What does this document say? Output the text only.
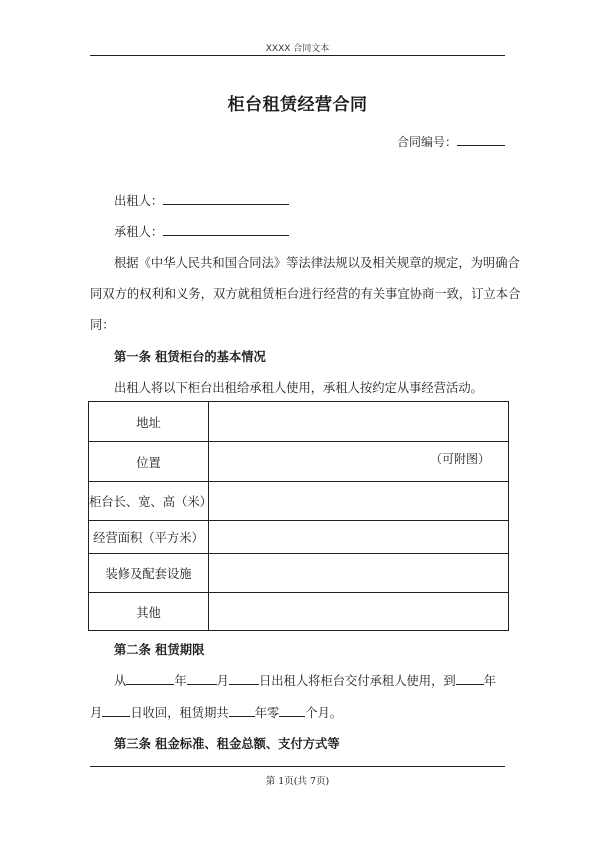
XXXX 合同文本
柜台租赁经营合同
合同编号：
出租人：
承租人：
根据《中华人民共和国合同法》等法律法规以及相关规章的规定，为明确合
同双方的权利和义务，双方就租赁柜台进行经营的有关事宜协商一致，订立本合
同：
第一条 租赁柜台的基本情况
出租人将以下柜台出租给承租人使用，承租人按约定从事经营活动。
地址	
位置	（可附图）

柜台长、宽、高（米）	
经营面积（平方米）	
装修及配套设施	
其他	
第二条 租赁期限
从	年 月 日出租人将柜台交付承租人使用，到 年
月 日收回，租赁期共 年零 个月。
第三条 租金标准、租金总额、支付方式等
第 1页(共 7页)
